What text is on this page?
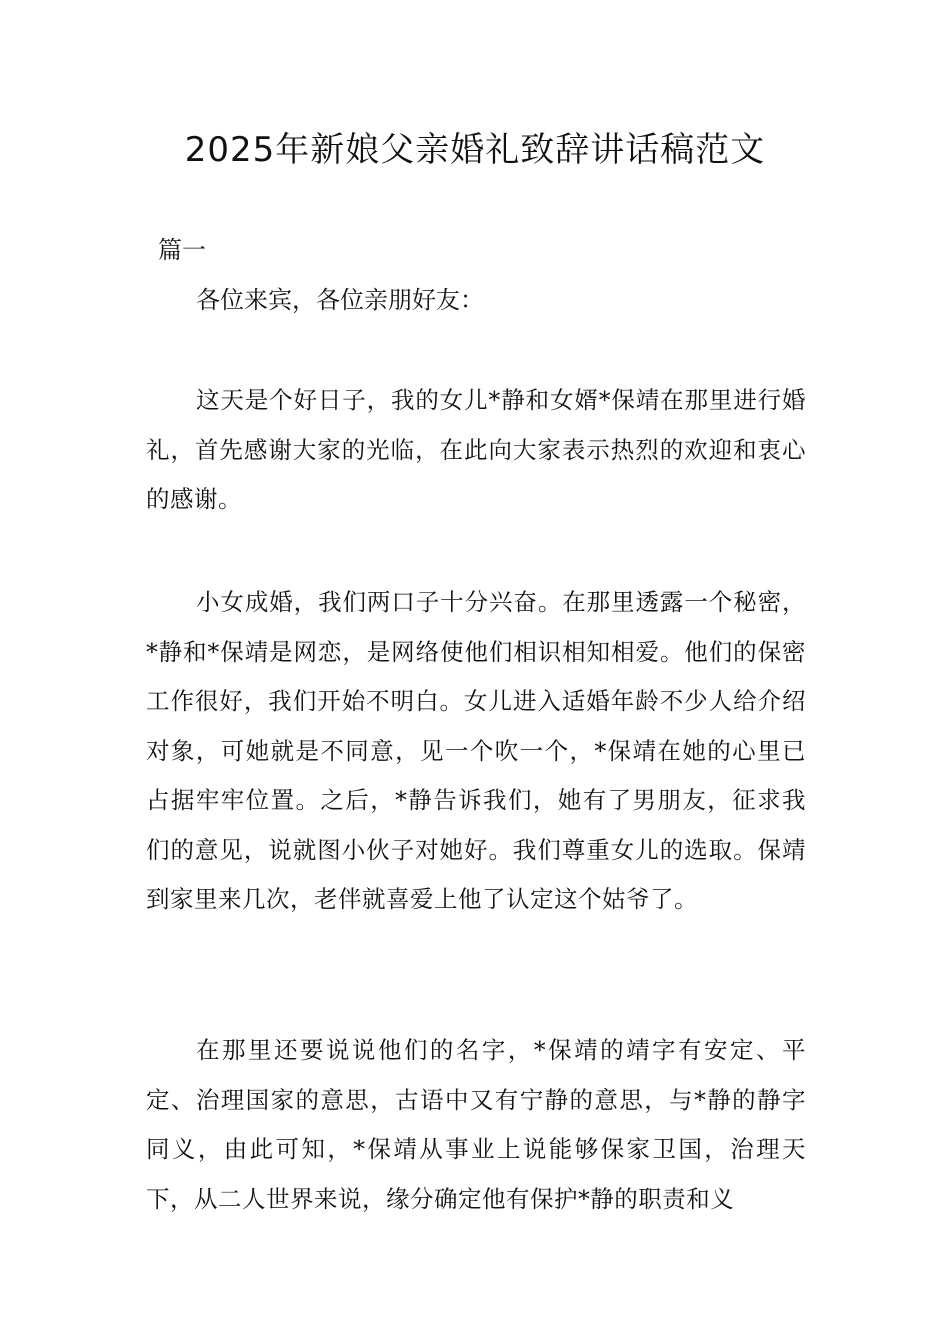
2025年新娘父亲婚礼致辞讲话稿范文

篇一

各位来宾，各位亲朋好友：

这天是个好日子，我的女儿*静和女婿*保靖在那里进行婚礼，首先感谢大家的光临，在此向大家表示热烈的欢迎和衷心的感谢。

小女成婚，我们两口子十分兴奋。在那里透露一个秘密，*静和*保靖是网恋，是网络使他们相识相知相爱。他们的保密工作很好，我们开始不明白。女儿进入适婚年龄不少人给介绍对象，可她就是不同意，见一个吹一个，*保靖在她的心里已占据牢牢位置。之后，*静告诉我们，她有了男朋友，征求我们的意见，说就图小伙子对她好。我们尊重女儿的选取。保靖到家里来几次，老伴就喜爱上他了认定这个姑爷了。

在那里还要说说他们的名字，*保靖的靖字有安定、平定、治理国家的意思，古语中又有宁静的意思，与*静的静字同义，由此可知，*保靖从事业上说能够保家卫国，治理天下，从二人世界来说，缘分确定他有保护*静的职责和义
